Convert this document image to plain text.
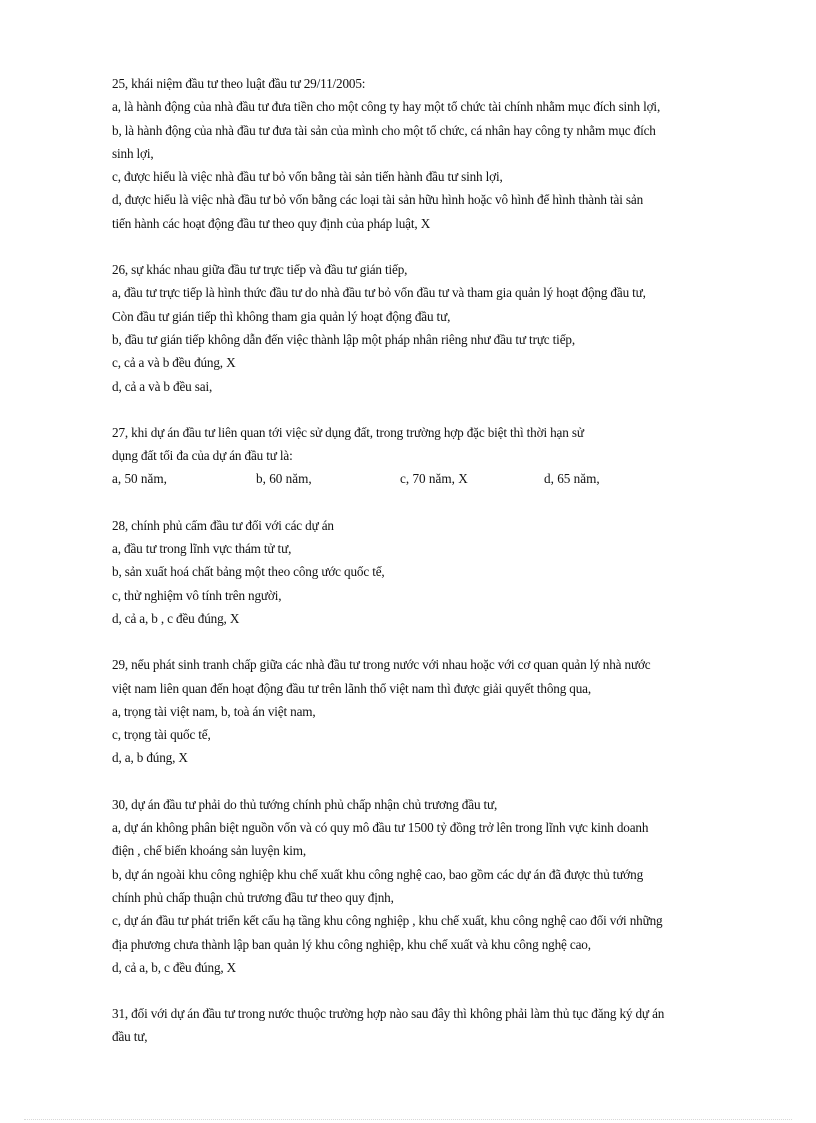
25, khái niệm đầu tư theo luật đầu tư 29/11/2005:
a, là hành động của nhà đầu tư đưa tiền cho một công ty hay một tổ chức tài chính nhằm mục đích sinh lợi,
b, là hành động của nhà đầu tư đưa tài sản của mình cho một tổ chức, cá nhân hay công ty nhằm mục đích
sinh lợi,
c, được hiểu là việc nhà đầu tư bỏ vốn bằng tài sản tiến hành đầu tư sinh lợi,
d, được hiểu là việc nhà đầu tư bỏ vốn bằng các loại tài sản hữu hình hoặc vô hình để hình thành tài sản
tiến hành các hoạt động đầu tư theo quy định của pháp luật, X
26, sự khác nhau giữa đầu tư trực tiếp và đầu tư gián tiếp,
a, đầu tư trực tiếp là hình thức đầu tư do nhà đầu tư bỏ vốn đầu tư và tham gia quản lý hoạt động đầu tư,
Còn đầu tư gián tiếp thì không tham gia quản lý hoạt động đầu tư,
b, đầu tư gián tiếp không dẫn đến việc thành lập một pháp nhân riêng như đầu tư trực tiếp,
c, cả a và b đều đúng, X
d, cả a và b đều sai,
27, khi dự án đầu tư liên quan tới việc sử dụng đất, trong trường hợp đặc biệt thì thời hạn sử
dụng đất tối đa của dự án đầu tư là:
a, 50 năm,	b, 60 năm,	c, 70 năm, X	d, 65 năm,
28, chính phủ cấm đầu tư đối với các dự án
a, đầu tư trong lĩnh vực thám tử tư,
b, sản xuất hoá chất bảng một theo công ước quốc tế,
c, thử nghiệm vô tính trên người,
d, cả a, b , c đều đúng, X
29, nếu phát sinh tranh chấp giữa các nhà đầu tư trong nước với nhau hoặc với cơ quan quản lý nhà nước
việt nam liên quan đến hoạt động đầu tư trên lãnh thổ việt nam thì được giải quyết thông qua,
a, trọng tài việt nam, b, toà án việt nam,
c, trọng tài quốc tế,
d, a, b đúng, X
30, dự án đầu tư phải do thủ tướng chính phủ chấp nhận chủ trương đầu tư,
a, dự án không phân biệt nguồn vốn và có quy mô đầu tư 1500 tỷ đồng trở lên trong lĩnh vực kinh doanh
điện , chế biến khoáng sản luyện kim,
b, dự án ngoài khu công nghiệp khu chế xuất khu công nghệ cao, bao gồm các dự án đã được thủ tướng
chính phủ chấp thuận chủ trương đầu tư theo quy định,
c, dự án đầu tư phát triển kết cấu hạ tầng khu công nghiệp , khu chế xuất, khu công nghệ cao đối với những
địa phương chưa thành lập ban quản lý khu công nghiệp, khu chế xuất và khu công nghệ cao,
d, cả a, b, c đều đúng, X
31, đối với dự án đầu tư trong nước thuộc trường hợp nào sau đây thì không phải làm thủ tục đăng ký dự án
đầu tư,
